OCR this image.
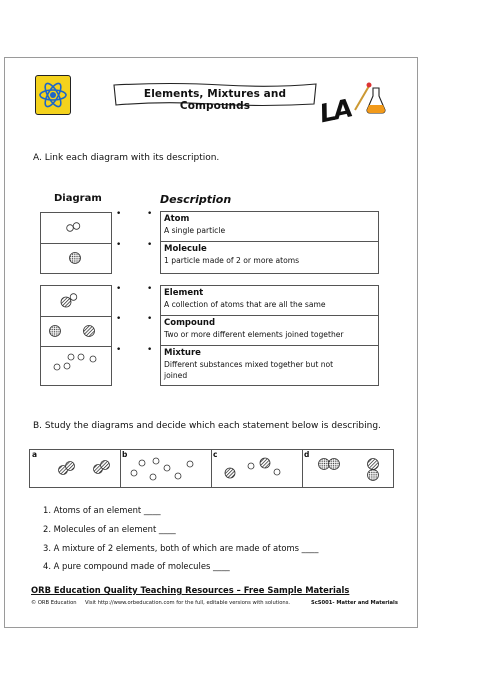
Elements, Mixtures and Compounds	LA
A. Link each diagram with its description.
Diagram	Description
•
•
•
•
•
•
•
•
•
•
Atom
A single particle
Molecule
1 particle made of 2 or more atoms
Element
A collection of atoms that are all the same
Compound
Two or more different elements joined together
Mixture
Different substances mixed together but not
joined
B. Study the diagrams and decide which each statement below is describing.
a	b	c	d
1. Atoms of an element ____
2. Molecules of an element ____
3. A mixture of 2 elements, both of which are made of atoms ____
4. A pure compound made of molecules ____
ORB Education Quality Teaching Resources – Free Sample Materials
© ORB Education Visit http://www.orbeducation.com for the full, editable versions with solutions.	ScS001- Matter and Materials
